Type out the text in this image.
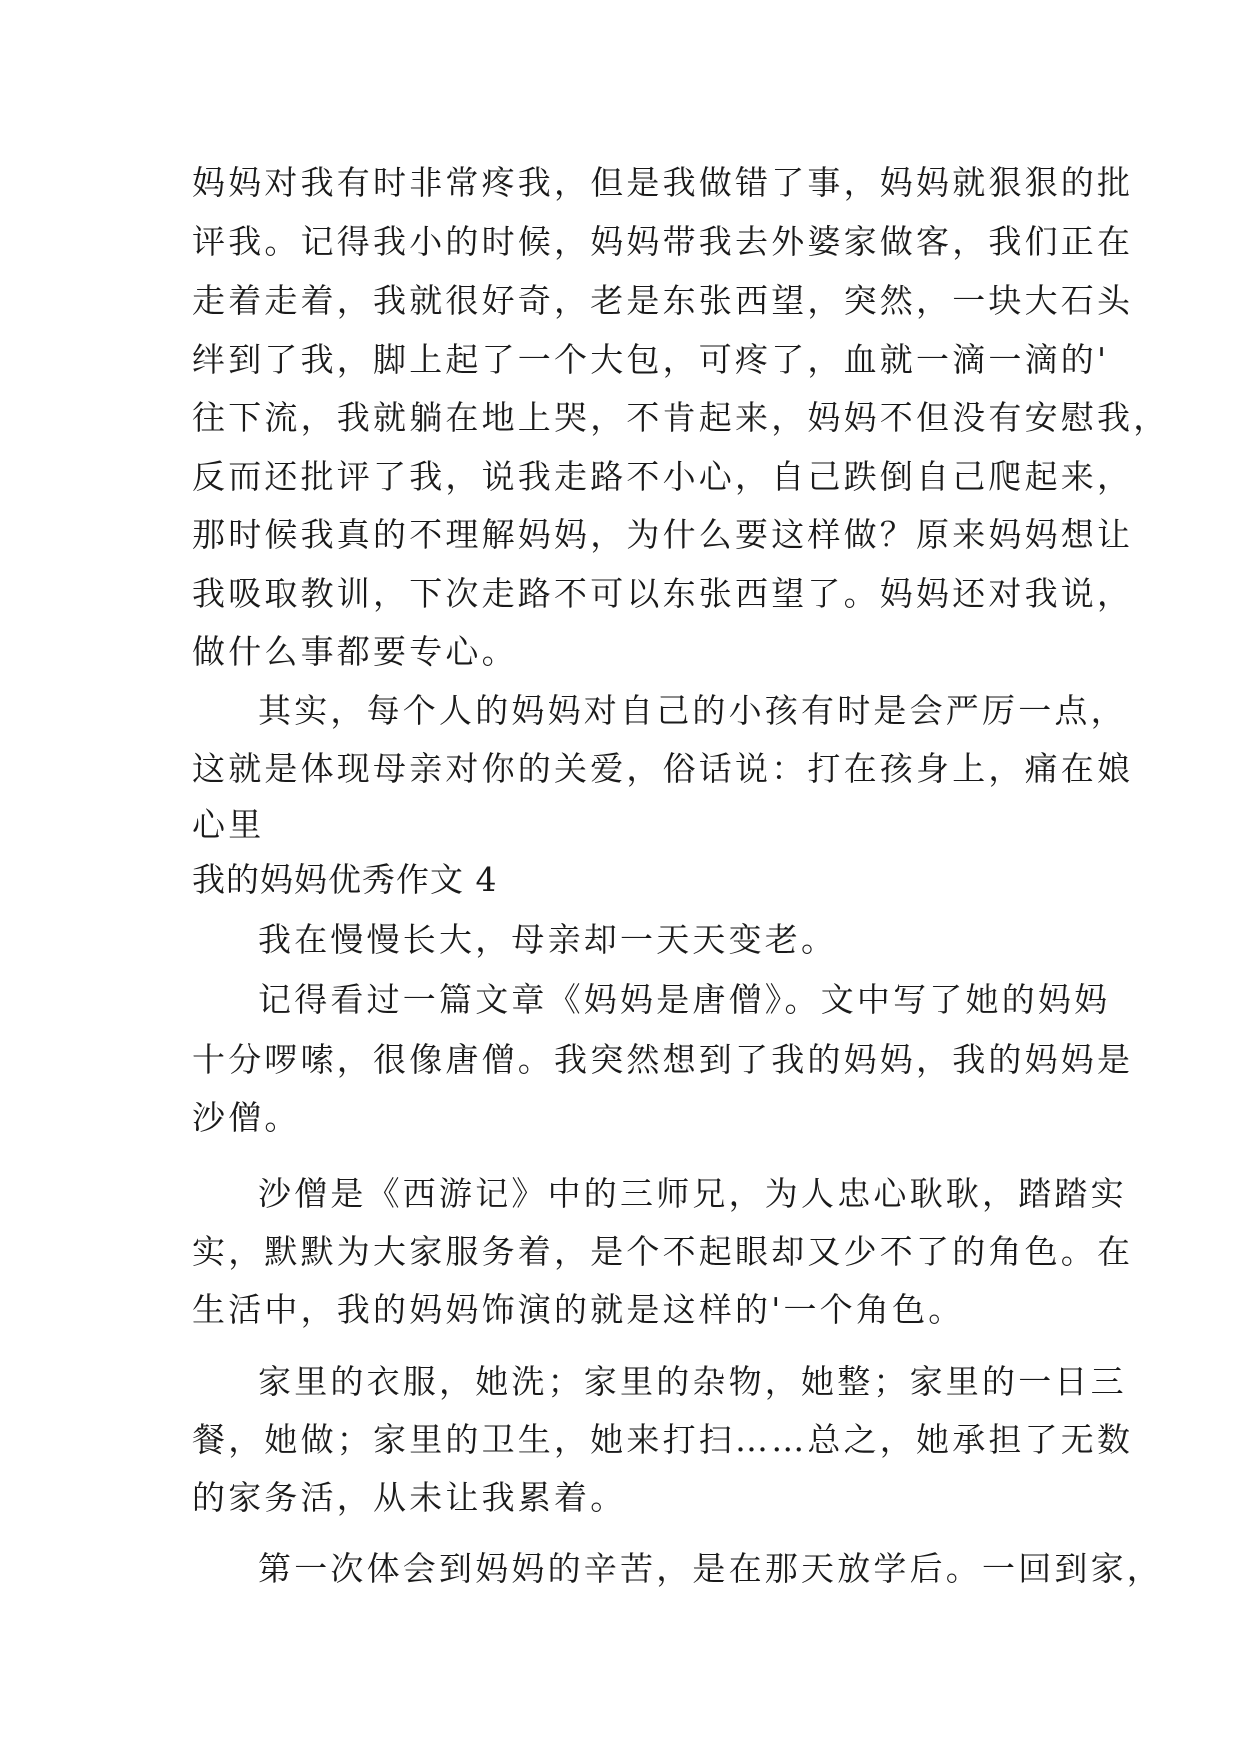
妈妈对我有时非常疼我，但是我做错了事，妈妈就狠狠的批
评我。记得我小的时候，妈妈带我去外婆家做客，我们正在
走着走着，我就很好奇，老是东张西望，突然，一块大石头
绊到了我，脚上起了一个大包，可疼了，血就一滴一滴的'
往下流，我就躺在地上哭，不肯起来，妈妈不但没有安慰我，
反而还批评了我，说我走路不小心，自己跌倒自己爬起来，
那时候我真的不理解妈妈，为什么要这样做？原来妈妈想让
我吸取教训，下次走路不可以东张西望了。妈妈还对我说，
做什么事都要专心。
其实，每个人的妈妈对自己的小孩有时是会严厉一点，
这就是体现母亲对你的关爱，俗话说：打在孩身上，痛在娘
心里
我的妈妈优秀作文 4
我在慢慢长大，母亲却一天天变老。
记得看过一篇文章《妈妈是唐僧》。文中写了她的妈妈
十分啰嗦，很像唐僧。我突然想到了我的妈妈，我的妈妈是
沙僧。
沙僧是《西游记》中的三师兄，为人忠心耿耿，踏踏实
实，默默为大家服务着，是个不起眼却又少不了的角色。在
生活中，我的妈妈饰演的就是这样的'一个角色。
家里的衣服，她洗；家里的杂物，她整；家里的一日三
餐，她做；家里的卫生，她来打扫……总之，她承担了无数
的家务活，从未让我累着。
第一次体会到妈妈的辛苦，是在那天放学后。一回到家，
